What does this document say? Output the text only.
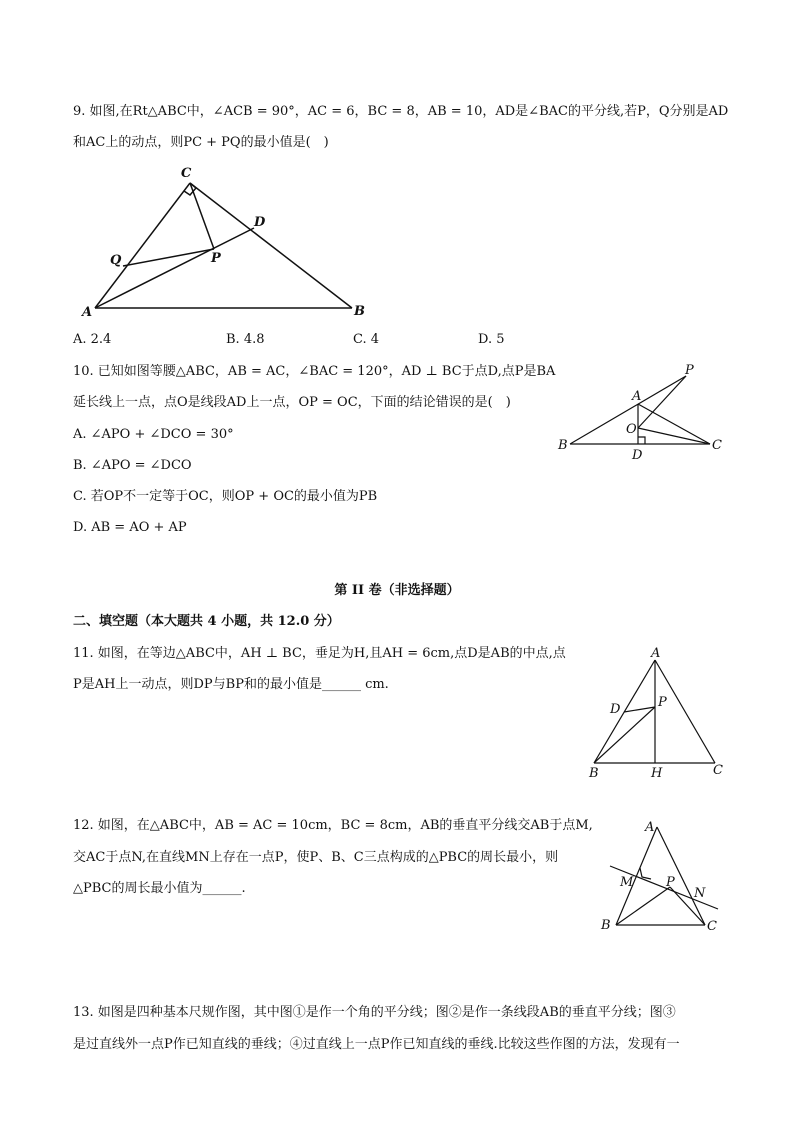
9. 如图,在Rt△ABC中，∠ACB = 90°，AC = 6，BC = 8，AB = 10，AD是∠BAC的平分线,若P，Q分别是AD
和AC上的动点，则PC + PQ的最小值是(　)
C
D
Q	P
A	B
A. 2.4	B. 4.8	C. 4	D. 5
10. 已知如图等腰△ABC，AB = AC，∠BAC = 120°，AD ⊥ BC于点D,点P是BA
延长线上一点，点O是线段AD上一点，OP = OC，下面的结论错误的是(　)
A. ∠APO + ∠DCO = 30°
B. ∠APO = ∠DCO
C. 若OP不一定等于OC，则OP + OC的最小值为PB
D. AB = AO + AP
P
A
O
B
D
C
第 II 卷（非选择题）
二、填空题（本大题共 4 小题，共 12.0 分）
11. 如图，在等边△ABC中，AH ⊥ BC，垂足为H,且AH = 6cm,点D是AB的中点,点
P是AH上一动点，则DP与BP和的最小值是______ cm.
A
D	P
B	H	C
12. 如图，在△ABC中，AB = AC = 10cm，BC = 8cm，AB的垂直平分线交AB于点M,
交AC于点N,在直线MN上存在一点P，使P、B、C三点构成的△PBC的周长最小，则
△PBC的周长最小值为______.
A
M	P
N
B	C
13. 如图是四种基本尺规作图，其中图①是作一个角的平分线；图②是作一条线段AB的垂直平分线；图③
是过直线外一点P作已知直线的垂线；④过直线上一点P作已知直线的垂线.比较这些作图的方法，发现有一
